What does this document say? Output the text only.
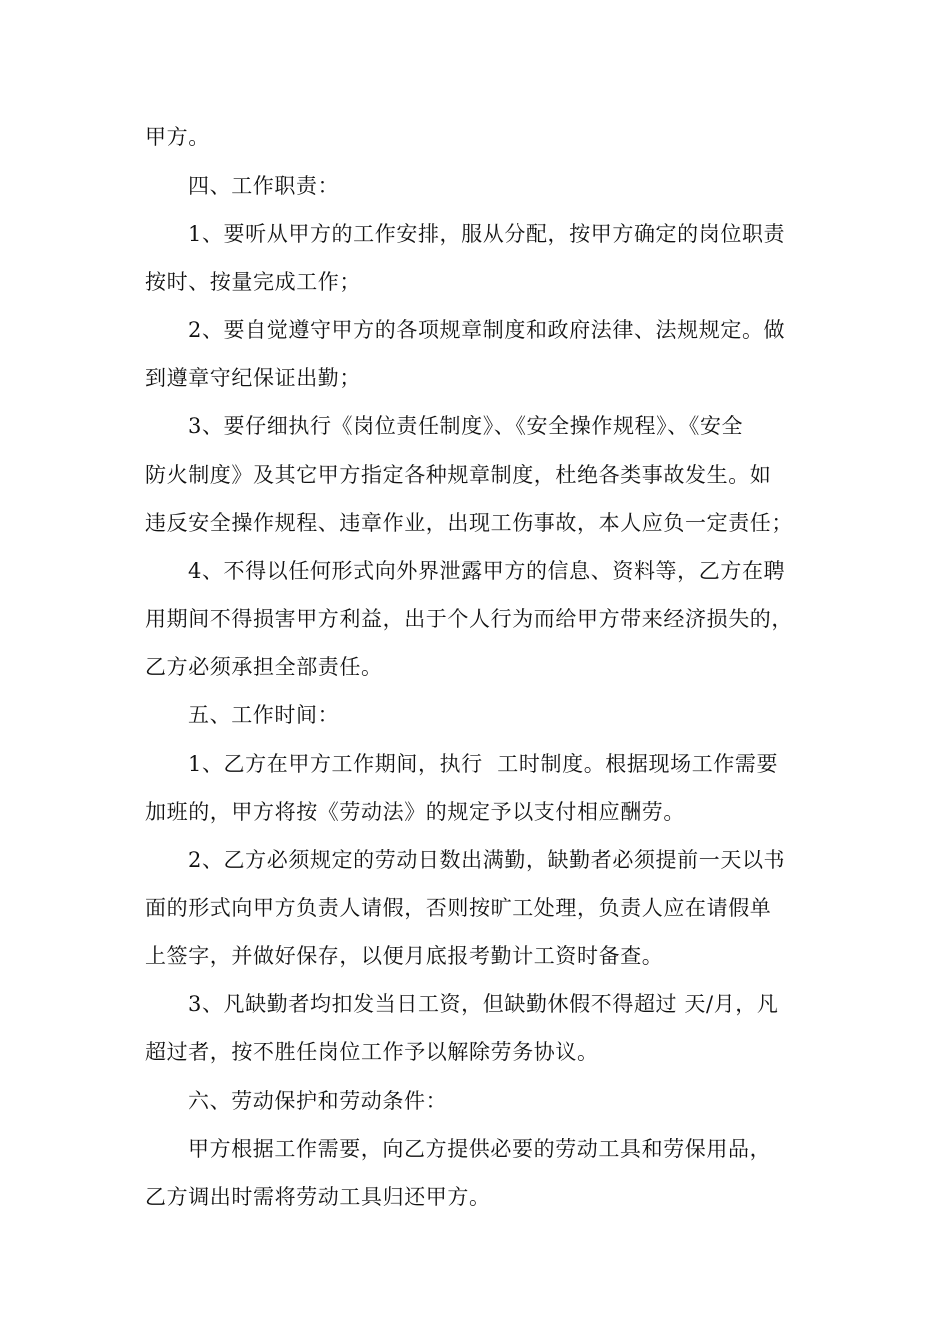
甲方。
四、工作职责：
1、要听从甲方的工作安排，服从分配，按甲方确定的岗位职责
按时、按量完成工作；
2、要自觉遵守甲方的各项规章制度和政府法律、法规规定。做
到遵章守纪保证出勤；
3、要仔细执行《岗位责任制度》、《安全操作规程》、《安全
防火制度》及其它甲方指定各种规章制度，杜绝各类事故发生。如
违反安全操作规程、违章作业，出现工伤事故，本人应负一定责任；
4、不得以任何形式向外界泄露甲方的信息、资料等，乙方在聘
用期间不得损害甲方利益，出于个人行为而给甲方带来经济损失的，
乙方必须承担全部责任。
五、工作时间：
1、乙方在甲方工作期间，执行  工时制度。根据现场工作需要
加班的，甲方将按《劳动法》的规定予以支付相应酬劳。
2、乙方必须规定的劳动日数出满勤，缺勤者必须提前一天以书
面的形式向甲方负责人请假，否则按旷工处理，负责人应在请假单
上签字，并做好保存，以便月底报考勤计工资时备查。
3、凡缺勤者均扣发当日工资，但缺勤休假不得超过 天/月，凡
超过者，按不胜任岗位工作予以解除劳务协议。
六、劳动保护和劳动条件：
甲方根据工作需要，向乙方提供必要的劳动工具和劳保用品，
乙方调出时需将劳动工具归还甲方。
